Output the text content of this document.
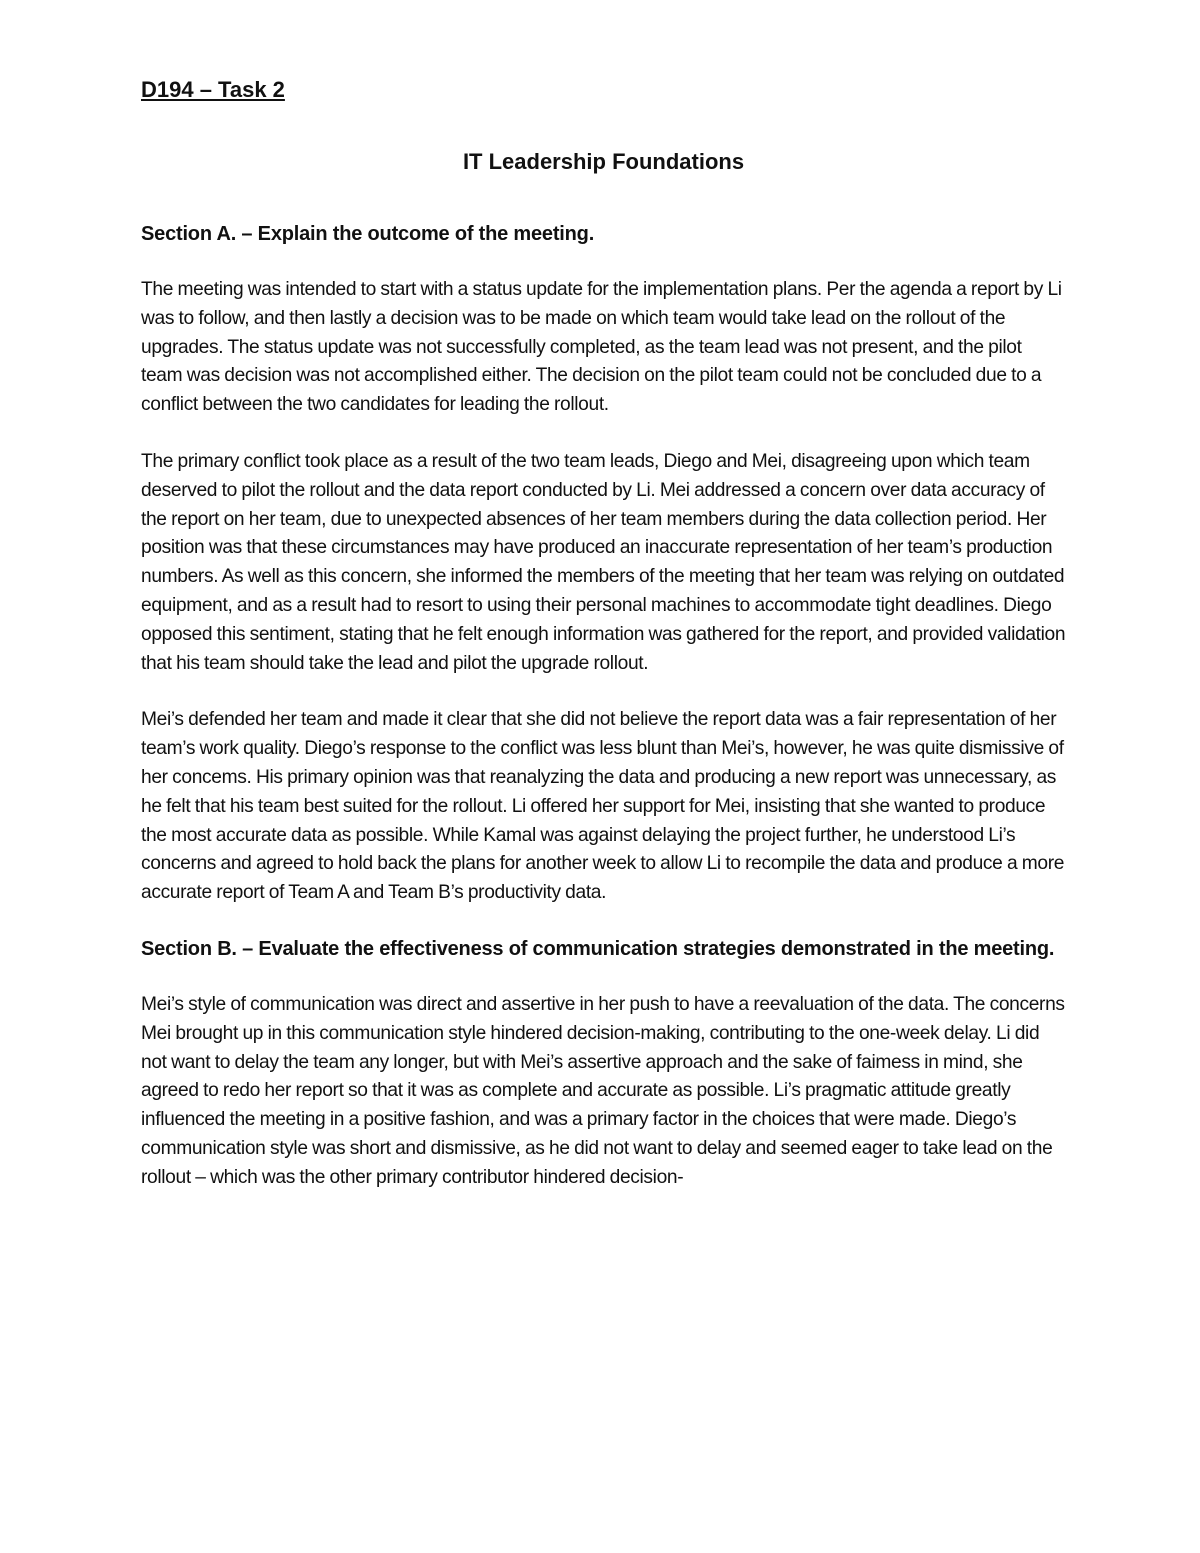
D194 – Task 2

IT Leadership Foundations

Section A. – Explain the outcome of the meeting.

The meeting was intended to start with a status update for the implementation plans. Per the agenda a report by Li was to follow, and then lastly a decision was to be made on which team would take lead on the rollout of the upgrades. The status update was not successfully completed, as the team lead was not present, and the pilot team was decision was not accomplished either. The decision on the pilot team could not be concluded due to a conflict between the two candidates for leading the rollout.

The primary conflict took place as a result of the two team leads, Diego and Mei, disagreeing upon which team deserved to pilot the rollout and the data report conducted by Li. Mei addressed a concern over data accuracy of the report on her team, due to unexpected absences of her team members during the data collection period. Her position was that these circumstances may have produced an inaccurate representation of her team’s production numbers. As well as this concern, she informed the members of the meeting that her team was relying on outdated equipment, and as a result had to resort to using their personal machines to accommodate tight deadlines. Diego opposed this sentiment, stating that he felt enough information was gathered for the report, and provided validation that his team should take the lead and pilot the upgrade rollout.

Mei’s defended her team and made it clear that she did not believe the report data was a fair representation of her team’s work quality. Diego’s response to the conflict was less blunt than Mei’s, however, he was quite dismissive of her concems. His primary opinion was that reanalyzing the data and producing a new report was unnecessary, as he felt that his team best suited for the rollout. Li offered her support for Mei, insisting that she wanted to produce the most accurate data as possible. While Kamal was against delaying the project further, he understood Li’s concerns and agreed to hold back the plans for another week to allow Li to recompile the data and produce a more accurate report of Team A and Team B’s productivity data.

Section B. – Evaluate the effectiveness of communication strategies demonstrated in the meeting.

Mei’s style of communication was direct and assertive in her push to have a reevaluation of the data. The concerns Mei brought up in this communication style hindered decision-making, contributing to the one-week delay. Li did not want to delay the team any longer, but with Mei’s assertive approach and the sake of faimess in mind, she agreed to redo her report so that it was as complete and accurate as possible. Li’s pragmatic attitude greatly influenced the meeting in a positive fashion, and was a primary factor in the choices that were made. Diego’s communication style was short and dismissive, as he did not want to delay and seemed eager to take lead on the rollout – which was the other primary contributor hindered decision-
